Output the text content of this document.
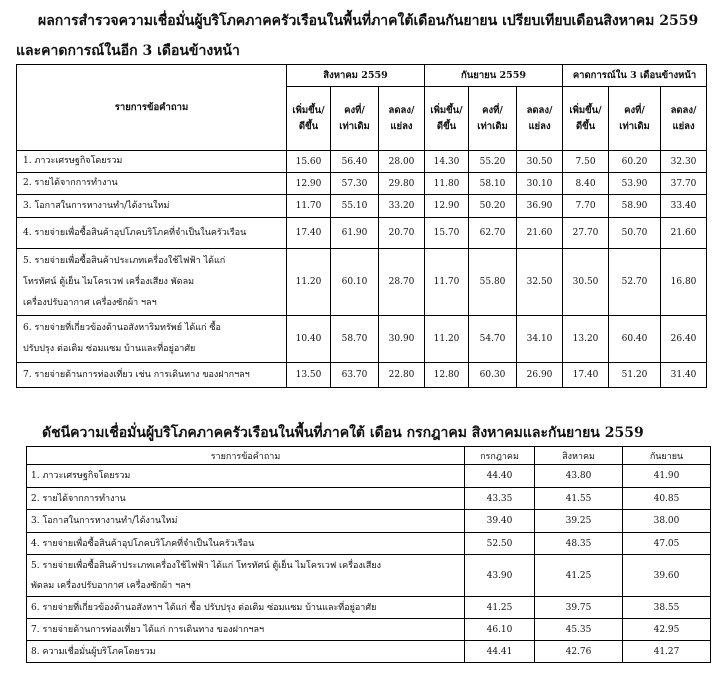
ผลการสำรวจความเชื่อมั่นผู้บริโภคภาคครัวเรือนในพื้นที่ภาคใต้เดือนกันยายน เปรียบเทียบเดือนสิงหาคม 2559
และคาดการณ์ในอีก 3 เดือนข้างหน้า
รายการข้อคำถาม	สิงหาคม 2559			กันยายน 2559			คาดการณ์ใน 3 เดือนข้างหน้า		

	เพิ่มขึ้น/
ดีขึ้น	คงที่/
เท่าเดิม	ลดลง/
แย่ลง	เพิ่มขึ้น/
ดีขึ้น	คงที่/
เท่าเดิม	ลดลง/
แย่ลง	เพิ่มขึ้น/
ดีขึ้น	คงที่/
เท่าเดิม	ลดลง/
แย่ลง

1. ภาวะเศรษฐกิจโดยรวม	15.60	56.40	28.00	14.30	55.20	30.50	7.50	60.20	32.30

2. รายได้จากการทำงาน	12.90	57.30	29.80	11.80	58.10	30.10	8.40	53.90	37.70

3. โอกาสในการหางานทำ/ได้งานใหม่	11.70	55.10	33.20	12.90	50.20	36.90	7.70	58.90	33.40

4. รายจ่ายเพื่อซื้อสินค้าอุปโภคบริโภคที่จำเป็นในครัวเรือน	17.40	61.90	20.70	15.70	62.70	21.60	27.70	50.70	21.60

5. รายจ่ายเพื่อซื้อสินค้าประเภทเครื่องใช้ไฟฟ้า ได้แก่
โทรทัศน์ ตู้เย็น ไมโครเวฟ เครื่องเสียง พัดลม
เครื่องปรับอากาศ เครื่องซักผ้า ฯลฯ	11.20	60.10	28.70	11.70	55.80	32.50	30.50	52.70	16.80

6. รายจ่ายที่เกี่ยวข้องด้านอสังหาริมทรัพย์ ได้แก่ ซื้อ
ปรับปรุง ต่อเติม ซ่อมแซม บ้านและที่อยู่อาศัย	10.40	58.70	30.90	11.20	54.70	34.10	13.20	60.40	26.40

7. รายจ่ายด้านการท่องเที่ยว เช่น การเดินทาง ของฝากฯลฯ	13.50	63.70	22.80	12.80	60.30	26.90	17.40	51.20	31.40
ดัชนีความเชื่อมั่นผู้บริโภคภาคครัวเรือนในพื้นที่ภาคใต้ เดือน กรกฎาคม สิงหาคมและกันยายน 2559
รายการข้อคำถาม	กรกฎาคม	สิงหาคม	กันยายน

1. ภาวะเศรษฐกิจโดยรวม	44.40	43.80	41.90

2. รายได้จากการทำงาน	43.35	41.55	40.85

3. โอกาสในการหางานทำ/ได้งานใหม่	39.40	39.25	38.00

4. รายจ่ายเพื่อซื้อสินค้าอุปโภคบริโภคที่จำเป็นในครัวเรือน	52.50	48.35	47.05

5. รายจ่ายเพื่อซื้อสินค้าประเภทเครื่องใช้ไฟฟ้า ได้แก่ โทรทัศน์ ตู้เย็น ไมโครเวฟ เครื่องเสียง
พัดลม เครื่องปรับอากาศ เครื่องซักผ้า ฯลฯ	43.90	41.25	39.60

6. รายจ่ายที่เกี่ยวข้องด้านอสังหาฯ ได้แก่ ซื้อ ปรับปรุง ต่อเติม ซ่อมแซม บ้านและที่อยู่อาศัย	41.25	39.75	38.55

7. รายจ่ายด้านการท่องเที่ยว ได้แก่ การเดินทาง ของฝากฯลฯ	46.10	45.35	42.95

8. ความเชื่อมั่นผู้บริโภคโดยรวม	44.41	42.76	41.27
